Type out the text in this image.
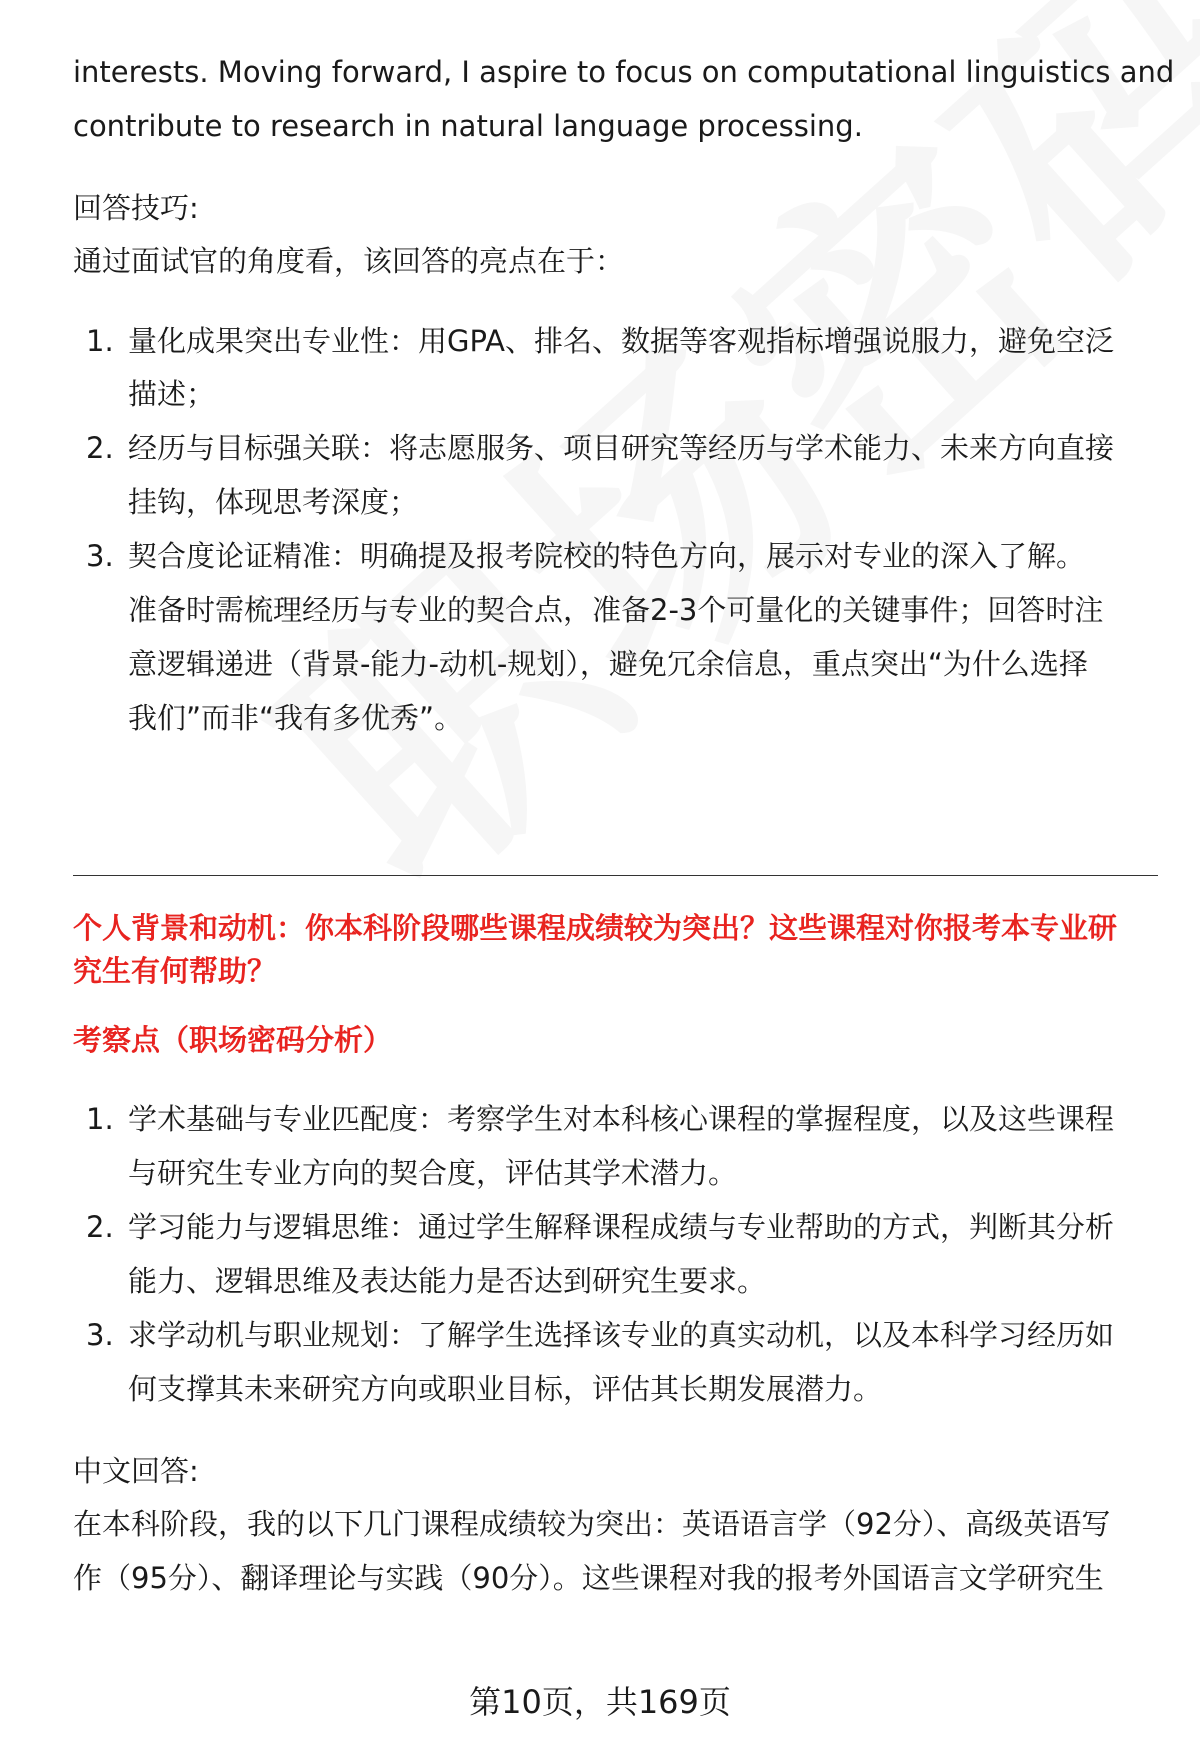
interests. Moving forward, I aspire to focus on computational linguistics and

contribute to research in natural language processing.

回答技巧:

通过面试官的角度看，该回答的亮点在于：

1. 量化成果突出专业性：用GPA、排名、数据等客观指标增强说服力，避免空泛
描述；
2. 经历与目标强关联：将志愿服务、项目研究等经历与学术能力、未来方向直接
挂钩，体现思考深度；
3. 契合度论证精准：明确提及报考院校的特色方向，展示对专业的深入了解。
准备时需梳理经历与专业的契合点，准备2-3个可量化的关键事件；回答时注
意逻辑递进（背景-能力-动机-规划），避免冗余信息，重点突出“为什么选择
我们”而非“我有多优秀”。

个人背景和动机：你本科阶段哪些课程成绩较为突出？这些课程对你报考本专业研

究生有何帮助？

考察点（职场密码分析）

1. 学术基础与专业匹配度：考察学生对本科核心课程的掌握程度，以及这些课程
与研究生专业方向的契合度，评估其学术潜力。
2. 学习能力与逻辑思维：通过学生解释课程成绩与专业帮助的方式，判断其分析
能力、逻辑思维及表达能力是否达到研究生要求。
3. 求学动机与职业规划：了解学生选择该专业的真实动机，以及本科学习经历如
何支撑其未来研究方向或职业目标，评估其长期发展潜力。

中文回答:

在本科阶段，我的以下几门课程成绩较为突出：英语语言学（92分）、高级英语写

作（95分）、翻译理论与实践（90分）。这些课程对我的报考外国语言文学研究生

第10页，共169页
